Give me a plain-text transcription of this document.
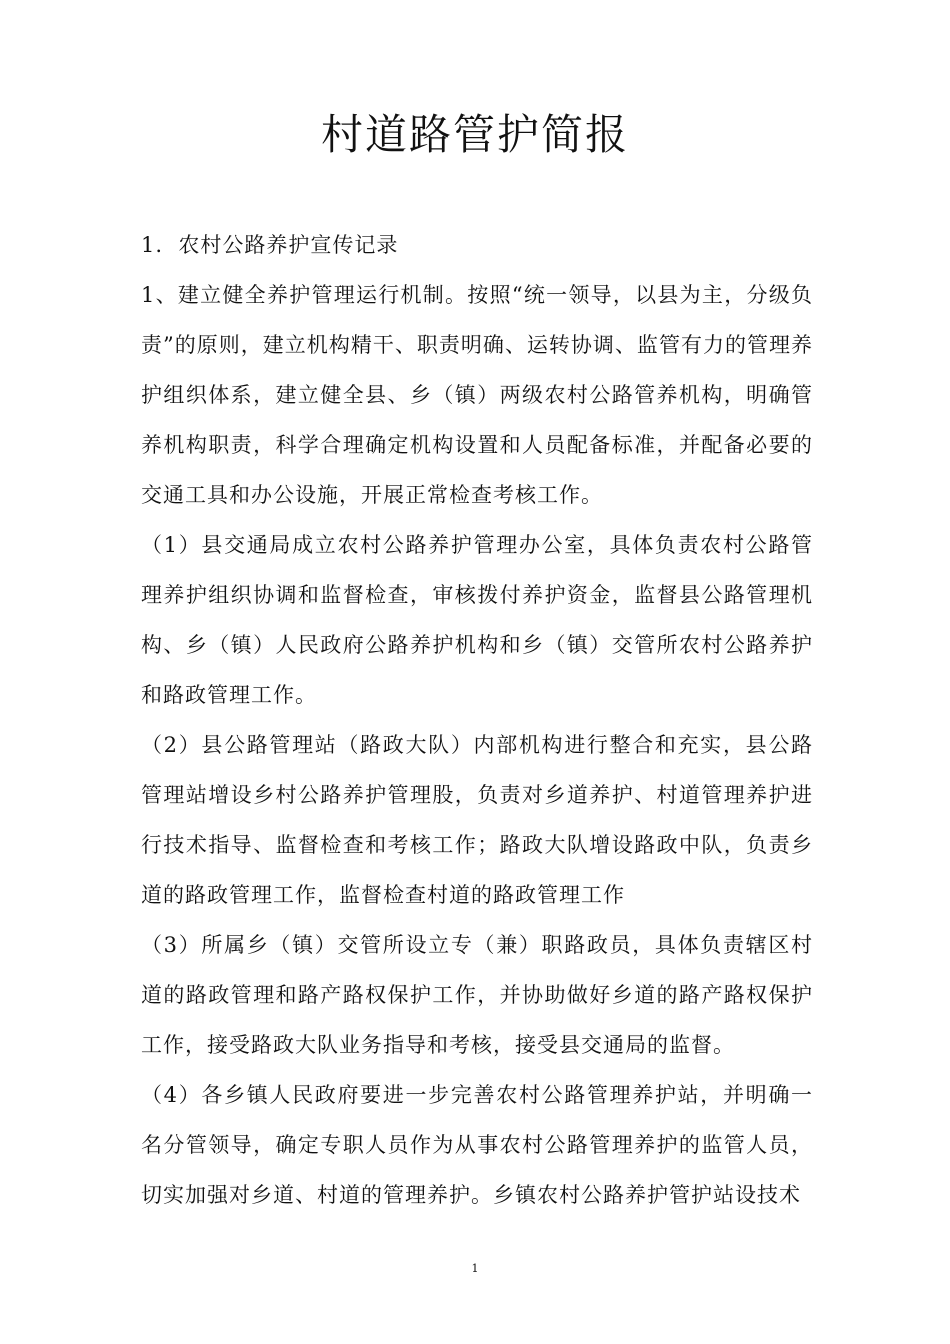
村道路管护简报

1.  农村公路养护宣传记录

1、建立健全养护管理运行机制。按照“统一领导，以县为主，分级负责”的原则，建立机构精干、职责明确、运转协调、监管有力的管理养护组织体系，建立健全县、乡（镇）两级农村公路管养机构，明确管养机构职责，科学合理确定机构设置和人员配备标准，并配备必要的交通工具和办公设施，开展正常检查考核工作。

（1）县交通局成立农村公路养护管理办公室，具体负责农村公路管理养护组织协调和监督检查，审核拨付养护资金，监督县公路管理机构、乡（镇）人民政府公路养护机构和乡（镇）交管所农村公路养护和路政管理工作。

（2）县公路管理站（路政大队）内部机构进行整合和充实，县公路管理站增设乡村公路养护管理股，负责对乡道养护、村道管理养护进行技术指导、监督检查和考核工作；路政大队增设路政中队，负责乡道的路政管理工作，监督检查村道的路政管理工作

（3）所属乡（镇）交管所设立专（兼）职路政员，具体负责辖区村道的路政管理和路产路权保护工作，并协助做好乡道的路产路权保护工作，接受路政大队业务指导和考核，接受县交通局的监督。

（4）各乡镇人民政府要进一步完善农村公路管理养护站，并明确一名分管领导，确定专职人员作为从事农村公路管理养护的监管人员，切实加强对乡道、村道的管理养护。乡镇农村公路养护管护站设技术

1
